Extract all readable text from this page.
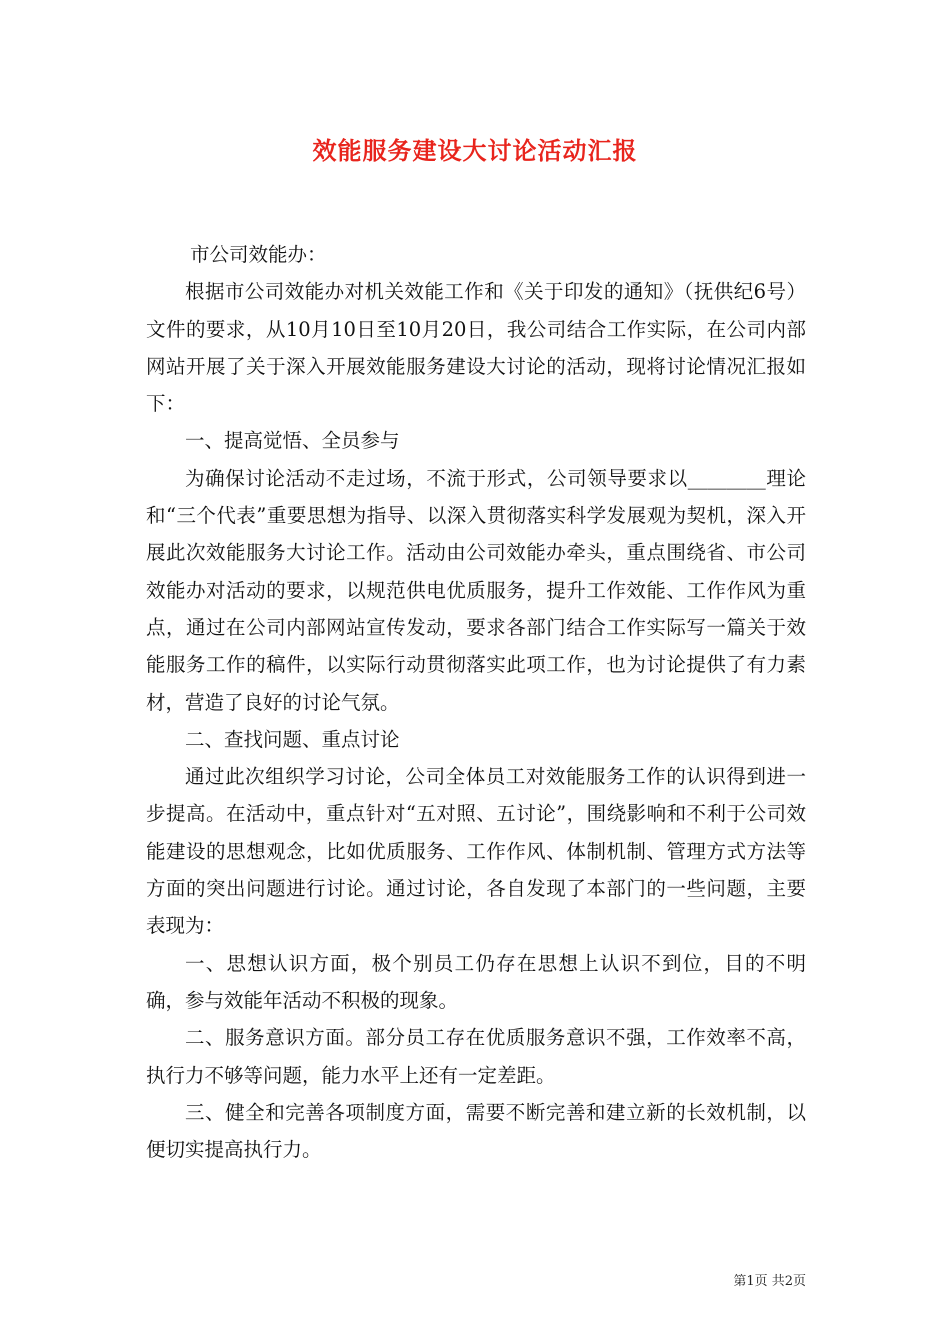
效能服务建设大讨论活动汇报

市公司效能办：

根据市公司效能办对机关效能工作和《关于印发的通知》（抚供纪6号）文件的要求，从10月10日至10月20日，我公司结合工作实际，在公司内部网站开展了关于深入开展效能服务建设大讨论的活动，现将讨论情况汇报如下：

一、提高觉悟、全员参与

为确保讨论活动不走过场，不流于形式，公司领导要求以________理论和“三个代表”重要思想为指导、以深入贯彻落实科学发展观为契机，深入开展此次效能服务大讨论工作。活动由公司效能办牵头，重点围绕省、市公司效能办对活动的要求，以规范供电优质服务，提升工作效能、工作作风为重点，通过在公司内部网站宣传发动，要求各部门结合工作实际写一篇关于效能服务工作的稿件，以实际行动贯彻落实此项工作，也为讨论提供了有力素材，营造了良好的讨论气氛。

二、查找问题、重点讨论

通过此次组织学习讨论，公司全体员工对效能服务工作的认识得到进一步提高。在活动中，重点针对“五对照、五讨论”，围绕影响和不利于公司效能建设的思想观念，比如优质服务、工作作风、体制机制、管理方式方法等方面的突出问题进行讨论。通过讨论，各自发现了本部门的一些问题，主要表现为：

一、思想认识方面，极个别员工仍存在思想上认识不到位，目的不明确，参与效能年活动不积极的现象。

二、服务意识方面。部分员工存在优质服务意识不强，工作效率不高，执行力不够等问题，能力水平上还有一定差距。

三、健全和完善各项制度方面，需要不断完善和建立新的长效机制，以便切实提高执行力。

第1页 共2页
